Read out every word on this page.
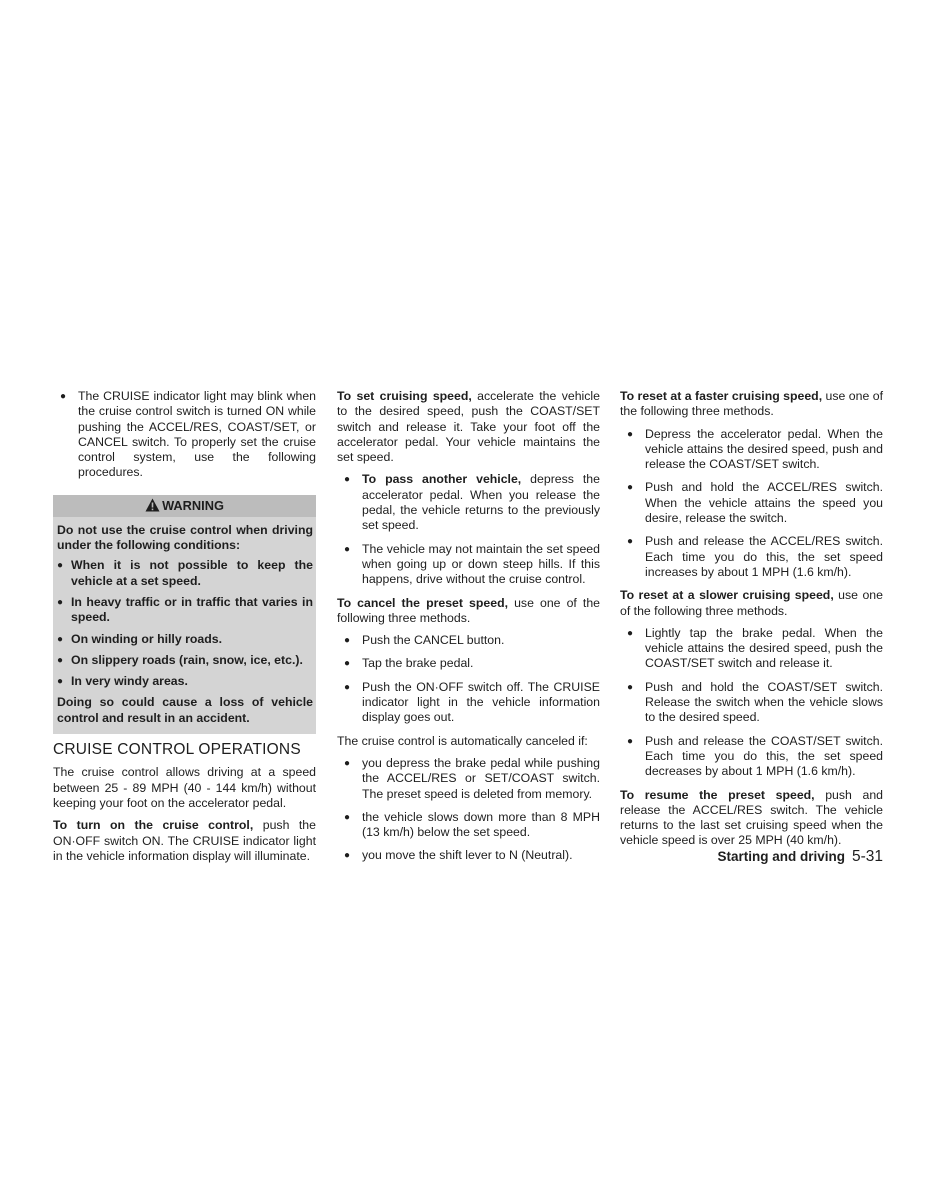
● The CRUISE indicator light may blink when the cruise control switch is turned ON while pushing the ACCEL/RES, COAST/SET, or CANCEL switch. To properly set the cruise control system, use the following procedures.
WARNING

Do not use the cruise control when driving under the following conditions:

● When it is not possible to keep the vehicle at a set speed.
● In heavy traffic or in traffic that varies in speed.
● On winding or hilly roads.
● On slippery roads (rain, snow, ice, etc.).
● In very windy areas.

Doing so could cause a loss of vehicle control and result in an accident.

CRUISE CONTROL OPERATIONS

The cruise control allows driving at a speed between 25 - 89 MPH (40 - 144 km/h) without keeping your foot on the accelerator pedal.

To turn on the cruise control, push the ON·OFF switch ON. The CRUISE indicator light in the vehicle information display will illuminate.

To set cruising speed, accelerate the vehicle to the desired speed, push the COAST/SET switch and release it. Take your foot off the accelerator pedal. Your vehicle maintains the set speed.

● To pass another vehicle, depress the accelerator pedal. When you release the pedal, the vehicle returns to the previously set speed.
● The vehicle may not maintain the set speed when going up or down steep hills. If this happens, drive without the cruise control.

To cancel the preset speed, use one of the following three methods.

● Push the CANCEL button.
● Tap the brake pedal.
● Push the ON·OFF switch off. The CRUISE indicator light in the vehicle information display goes out.

The cruise control is automatically canceled if:

● you depress the brake pedal while pushing the ACCEL/RES or SET/COAST switch. The preset speed is deleted from memory.
● the vehicle slows down more than 8 MPH (13 km/h) below the set speed.
● you move the shift lever to N (Neutral).

To reset at a faster cruising speed, use one of the following three methods.

● Depress the accelerator pedal. When the vehicle attains the desired speed, push and release the COAST/SET switch.
● Push and hold the ACCEL/RES switch. When the vehicle attains the speed you desire, release the switch.
● Push and release the ACCEL/RES switch. Each time you do this, the set speed increases by about 1 MPH (1.6 km/h).

To reset at a slower cruising speed, use one of the following three methods.

● Lightly tap the brake pedal. When the vehicle attains the desired speed, push the COAST/SET switch and release it.
● Push and hold the COAST/SET switch. Release the switch when the vehicle slows to the desired speed.
● Push and release the COAST/SET switch. Each time you do this, the set speed decreases by about 1 MPH (1.6 km/h).

To resume the preset speed, push and release the ACCEL/RES switch. The vehicle returns to the last set cruising speed when the vehicle speed is over 25 MPH (40 km/h).

Starting and driving 5-31
